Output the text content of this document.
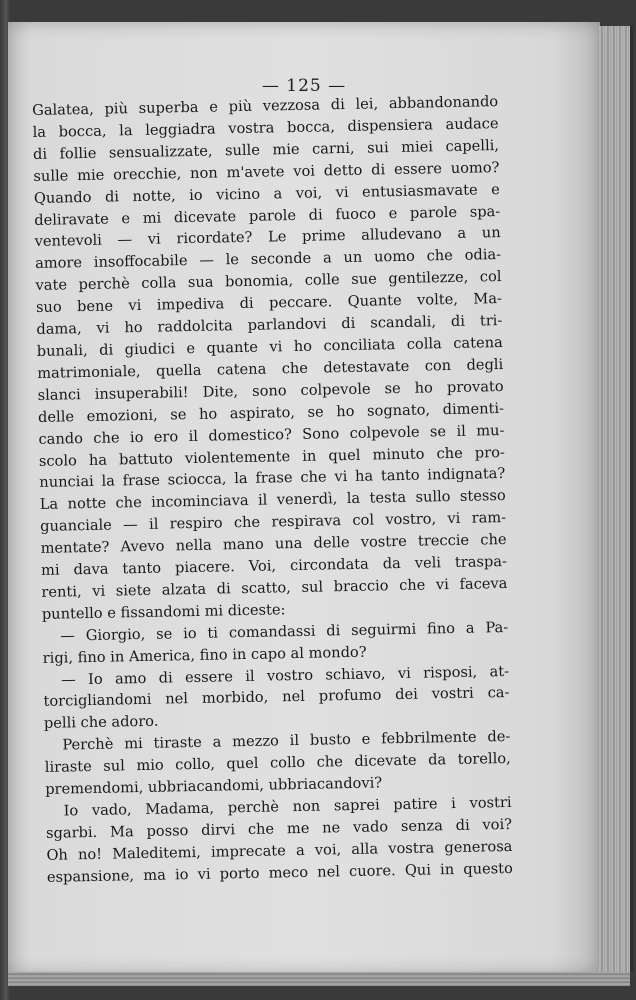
— 125 —
Galatea, più superba e più vezzosa di lei, abbandonando
la bocca, la leggiadra vostra bocca, dispensiera audace
di follie sensualizzate, sulle mie carni, sui miei capelli,
sulle mie orecchie, non m'avete voi detto di essere uomo?
Quando di notte, io vicino a voi, vi entusiasmavate e
deliravate e mi dicevate parole di fuoco e parole spa-
ventevoli — vi ricordate? Le prime alludevano a un
amore insoffocabile — le seconde a un uomo che odia-
vate perchè colla sua bonomia, colle sue gentilezze, col
suo bene vi impediva di peccare. Quante volte, Ma-
dama, vi ho raddolcita parlandovi di scandali, di tri-
bunali, di giudici e quante vi ho conciliata colla catena
matrimoniale, quella catena che detestavate con degli
slanci insuperabili! Dite, sono colpevole se ho provato
delle emozioni, se ho aspirato, se ho sognato, dimenti-
cando che io ero il domestico? Sono colpevole se il mu-
scolo ha battuto violentemente in quel minuto che pro-
nunciai la frase sciocca, la frase che vi ha tanto indignata?
La notte che incominciava il venerdì, la testa sullo stesso
guanciale — il respiro che respirava col vostro, vi ram-
mentate? Avevo nella mano una delle vostre treccie che
mi dava tanto piacere. Voi, circondata da veli traspa-
renti, vi siete alzata di scatto, sul braccio che vi faceva
puntello e fissandomi mi diceste:
— Giorgio, se io ti comandassi di seguirmi fino a Pa-
rigi, fino in America, fino in capo al mondo?
— Io amo di essere il vostro schiavo, vi risposi, at-
torcigliandomi nel morbido, nel profumo dei vostri ca-
pelli che adoro.
Perchè mi tiraste a mezzo il busto e febbrilmente de-
liraste sul mio collo, quel collo che dicevate da torello,
premendomi, ubbriacandomi, ubbriacandovi?
Io vado, Madama, perchè non saprei patire i vostri
sgarbi. Ma posso dirvi che me ne vado senza di voi?
Oh no! Maleditemi, imprecate a voi, alla vostra generosa
espansione, ma io vi porto meco nel cuore. Qui in questo
